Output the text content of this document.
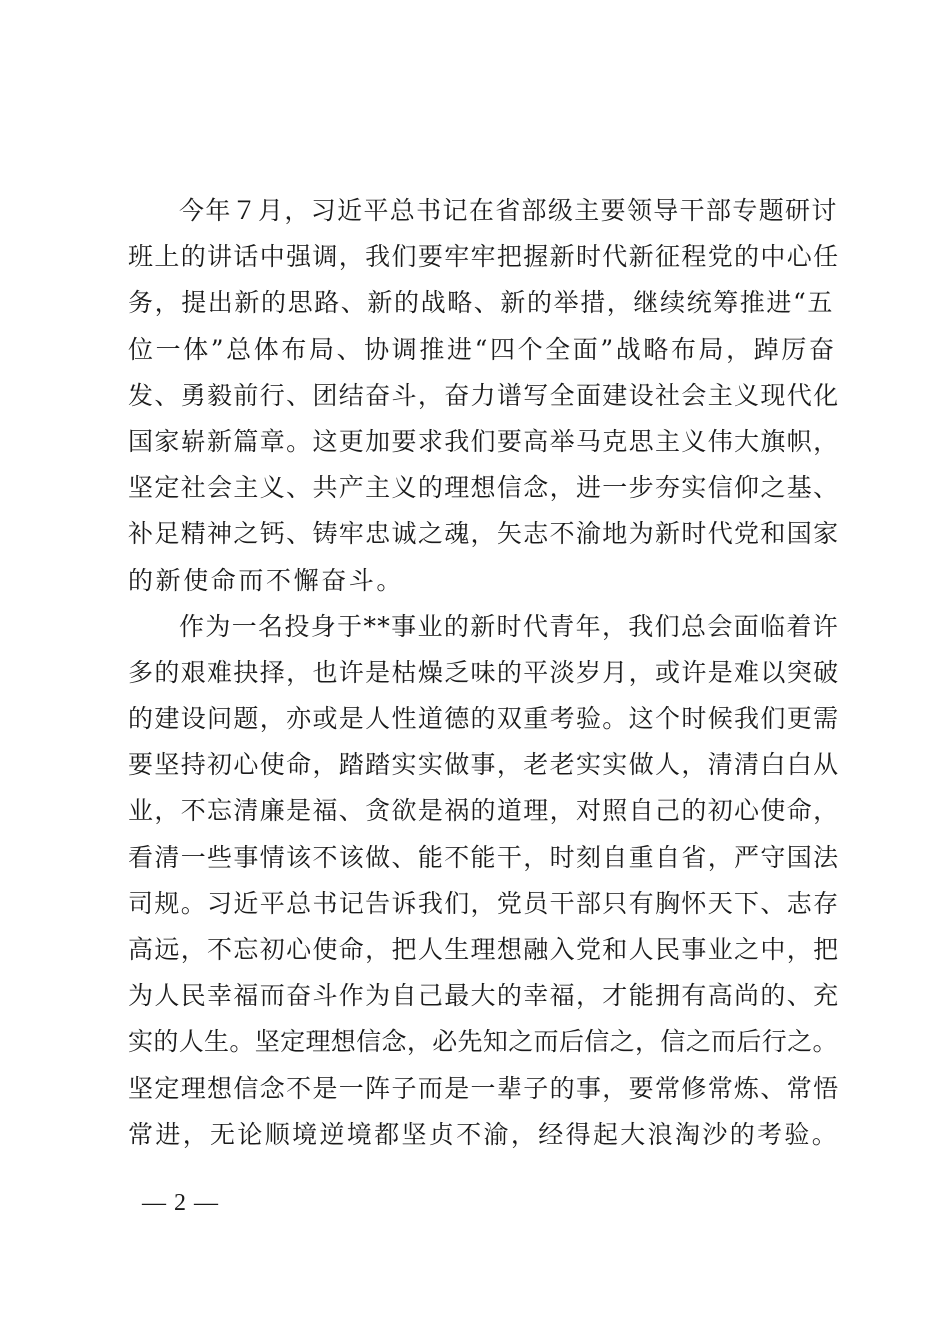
今年７月，习近平总书记在省部级主要领导干部专题研讨
班上的讲话中强调，我们要牢牢把握新时代新征程党的中心任
务，提出新的思路、新的战略、新的举措，继续统筹推进“五
位一体”总体布局、协调推进“四个全面”战略布局，踔厉奋
发、勇毅前行、团结奋斗，奋力谱写全面建设社会主义现代化
国家崭新篇章。这更加要求我们要高举马克思主义伟大旗帜，
坚定社会主义、共产主义的理想信念，进一步夯实信仰之基、
补足精神之钙、铸牢忠诚之魂，矢志不渝地为新时代党和国家
的新使命而不懈奋斗。
作为一名投身于**事业的新时代青年，我们总会面临着许
多的艰难抉择，也许是枯燥乏味的平淡岁月，或许是难以突破
的建设问题，亦或是人性道德的双重考验。这个时候我们更需
要坚持初心使命，踏踏实实做事，老老实实做人，清清白白从
业，不忘清廉是福、贪欲是祸的道理，对照自己的初心使命，
看清一些事情该不该做、能不能干，时刻自重自省，严守国法
司规。习近平总书记告诉我们，党员干部只有胸怀天下、志存
高远，不忘初心使命，把人生理想融入党和人民事业之中，把
为人民幸福而奋斗作为自己最大的幸福，才能拥有高尚的、充
实的人生。坚定理想信念，必先知之而后信之，信之而后行之。
坚定理想信念不是一阵子而是一辈子的事，要常修常炼、常悟
常进，无论顺境逆境都坚贞不渝，经得起大浪淘沙的考验。
— 2 —
